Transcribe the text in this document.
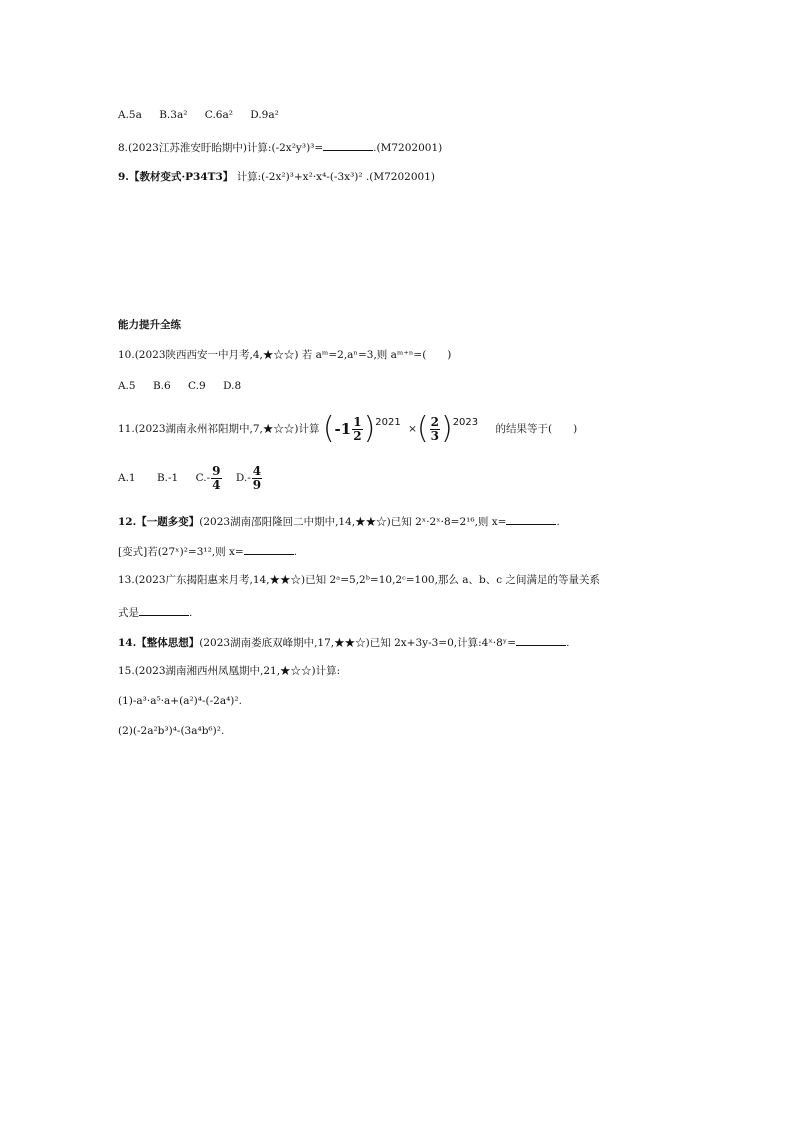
A.5a B.3a² C.6a² D.9a²
8.(2023江苏淮安盱眙期中)计算:(-2x²y³)³=	.(M7202001)
9.【教材变式·P34T3】 计算:(-2x²)³+x²·x⁴-(-3x³)² .(M7202001)
能力提升全练
10.(2023陕西西安一中月考,4,★☆☆) 若 aᵐ=2,aⁿ=3,则 aᵐ⁺ⁿ=(　　)
A.5 B.6 C.9 D.8
11.(2023湖南永州祁阳期中,7,★☆☆)计算 $(-1 \frac{1}{2} )2021$ ×( $\frac{2}{3} )2023$ 的结果等于(　　)
A.1 B.-1 $C.- \frac{9}{4} D.- \frac{4}{9}$
12.【一题多变】(2023湖南邵阳隆回二中期中,14,★★☆)已知 2ˣ·2ˣ·8=2¹⁶,则 x=	.
[变式]若(27ˣ)²=3¹²,则 x=	.
13.(2023广东揭阳惠来月考,14,★★☆)已知 2ᵃ=5,2ᵇ=10,2ᶜ=100,那么 a、b、c 之间满足的等量关系
式是	.
14.【整体思想】(2023湖南娄底双峰期中,17,★★☆)已知 2x+3y-3=0,计算:4ˣ·8ʸ=	.
15.(2023湖南湘西州凤凰期中,21,★☆☆)计算:
(1)-a³·a⁵·a+(a²)⁴-(-2a⁴)².
(2)(-2a²b³)⁴-(3a⁴b⁶)².
